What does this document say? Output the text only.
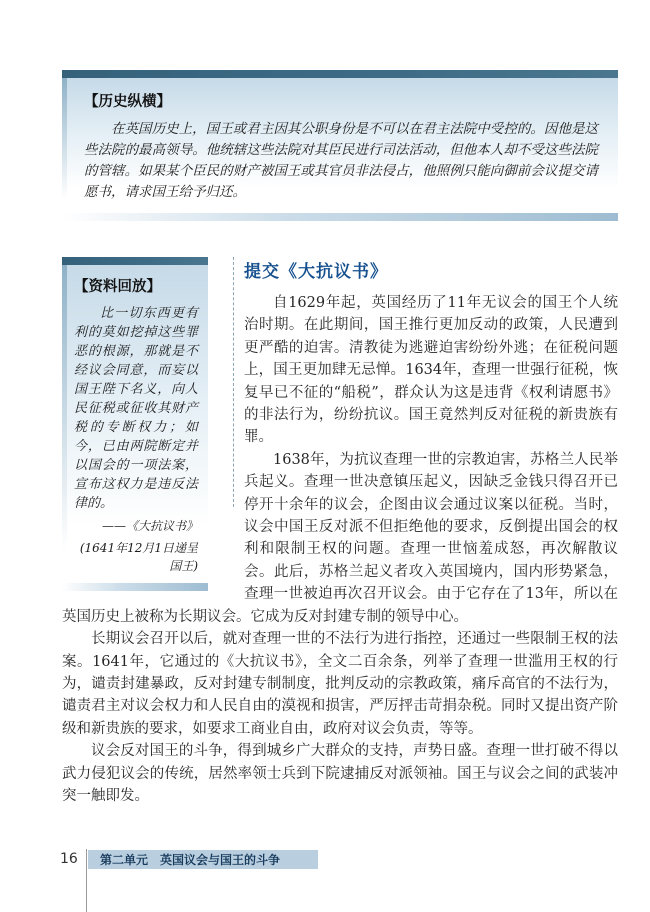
【历史纵横】
在英国历史上，国王或君主因其公职身份是不可以在君主法院中受控的。因他是这些法院的最高领导。他统辖这些法院对其臣民进行司法活动，但他本人却不受这些法院的管辖。如果某个臣民的财产被国王或其官员非法侵占，他照例只能向御前会议提交请愿书，请求国王给予归还。
【资料回放】
比一切东西更有利的莫如挖掉这些罪恶的根源，那就是不经议会同意，而妄以国王陛下名义，向人民征税或征收其财产税的专断权力；如今，已由两院断定并以国会的一项法案，宣布这权力是违反法律的。
——《大抗议书》
(1641年12月1日递呈国王)
提交《大抗议书》

自1629年起，英国经历了11年无议会的国王个人统治时期。在此期间，国王推行更加反动的政策，人民遭到更严酷的迫害。清教徒为逃避迫害纷纷外逃；在征税问题上，国王更加肆无忌惮。1634年，查理一世强行征税，恢复早已不征的“船税”，群众认为这是违背《权利请愿书》的非法行为，纷纷抗议。国王竟然判反对征税的新贵族有罪。

1638年，为抗议查理一世的宗教迫害，苏格兰人民举兵起义。查理一世决意镇压起义，因缺乏金钱只得召开已停开十余年的议会，企图由议会通过议案以征税。当时，议会中国王反对派不但拒绝他的要求，反倒提出国会的权利和限制王权的问题。查理一世恼羞成怒，再次解散议会。此后，苏格兰起义者攻入英国境内，国内形势紧急，查理一世被迫再次召开议会。由于它存在了13年，所以在英国历史上被称为长期议会。它成为反对封建专制的领导中心。

长期议会召开以后，就对查理一世的不法行为进行指控，还通过一些限制王权的法案。1641年，它通过的《大抗议书》，全文二百余条，列举了查理一世滥用王权的行为，谴责封建暴政，反对封建专制制度，批判反动的宗教政策，痛斥高官的不法行为，谴责君主对议会权力和人民自由的漠视和损害，严厉抨击苛捐杂税。同时又提出资产阶级和新贵族的要求，如要求工商业自由，政府对议会负责，等等。

议会反对国王的斗争，得到城乡广大群众的支持，声势日盛。查理一世打破不得以武力侵犯议会的传统，居然率领士兵到下院逮捕反对派领袖。国王与议会之间的武装冲突一触即发。

16 第二单元　英国议会与国王的斗争
